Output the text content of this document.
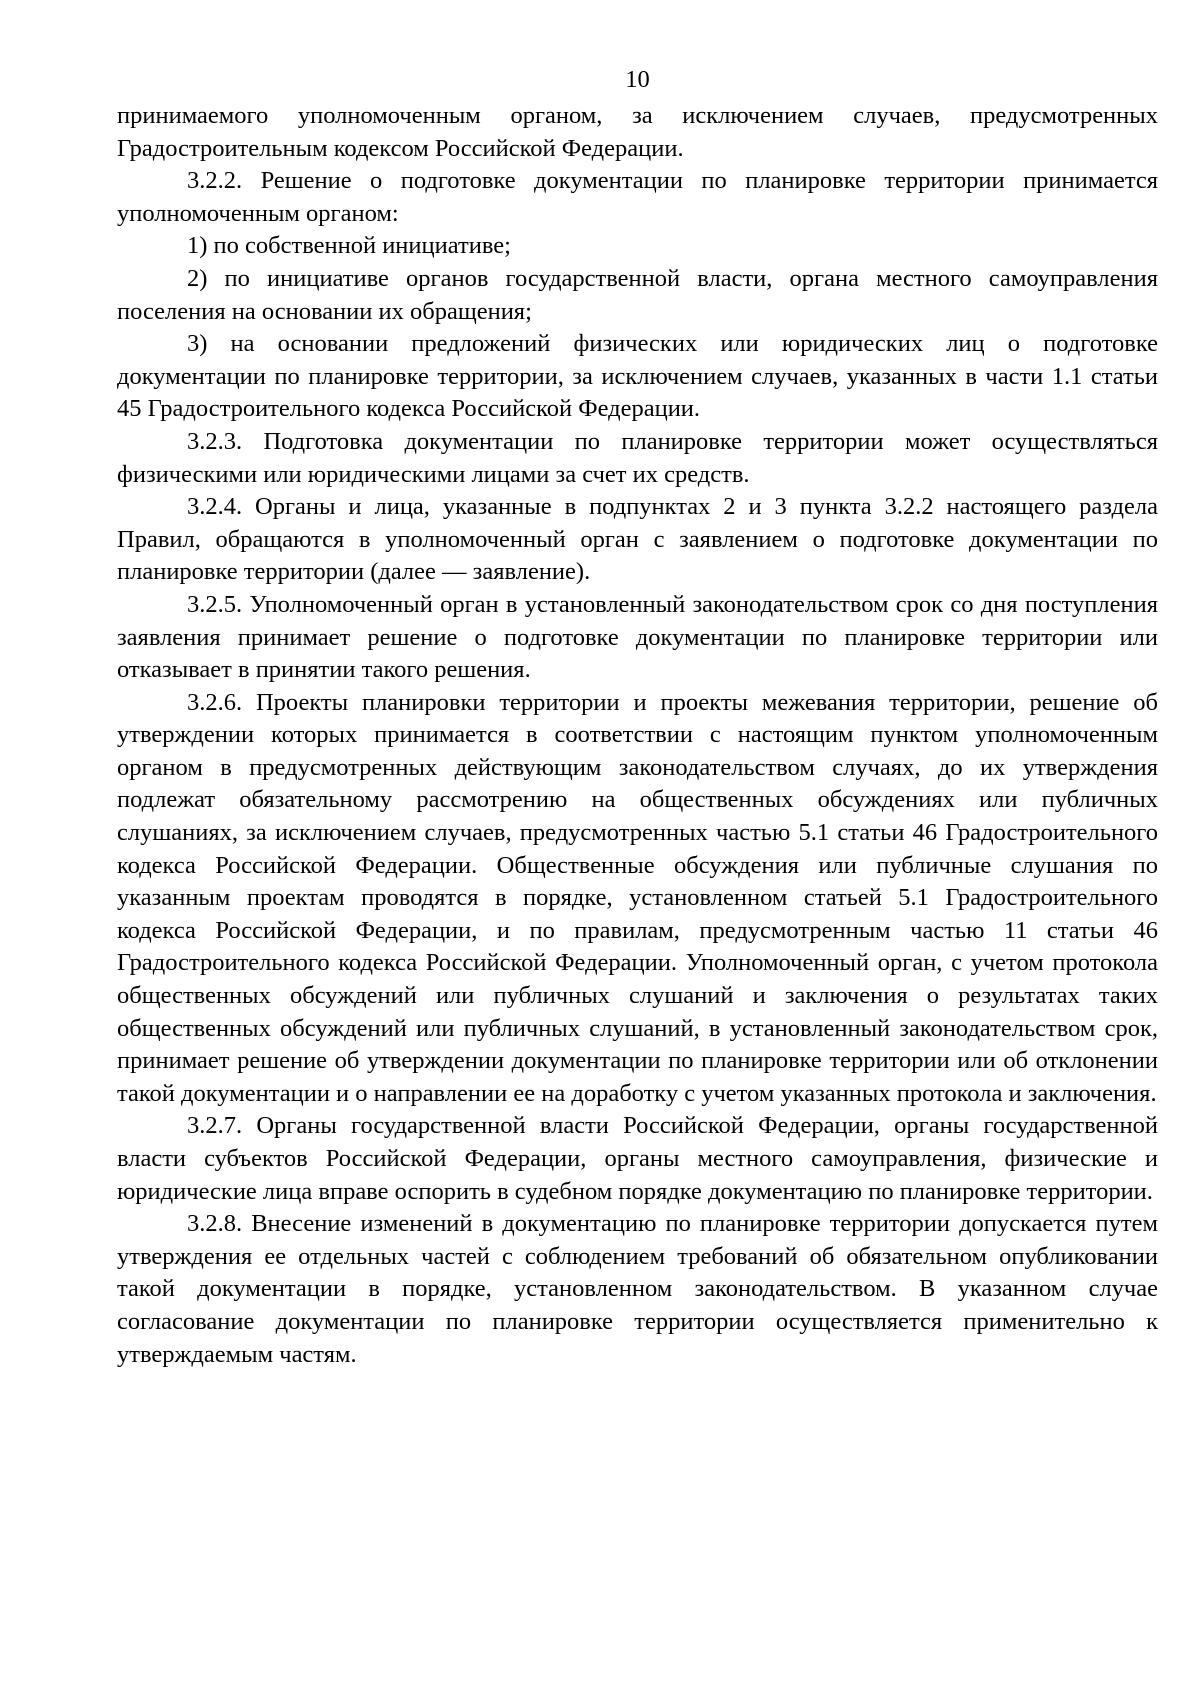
10

принимаемого уполномоченным органом, за исключением случаев, предусмотренных Градостроительным кодексом Российской Федерации.

3.2.2. Решение о подготовке документации по планировке территории принимается уполномоченным органом:

1) по собственной инициативе;

2) по инициативе органов государственной власти, органа местного самоуправления поселения на основании их обращения;

3) на основании предложений физических или юридических лиц о подготовке документации по планировке территории, за исключением случаев, указанных в части 1.1 статьи 45 Градостроительного кодекса Российской Федерации.

3.2.3. Подготовка документации по планировке территории может осуществляться физическими или юридическими лицами за счет их средств.

3.2.4. Органы и лица, указанные в подпунктах 2 и 3 пункта 3.2.2 настоящего раздела Правил, обращаются в уполномоченный орган с заявлением о подготовке документации по планировке территории (далее — заявление).

3.2.5. Уполномоченный орган в установленный законодательством срок со дня поступления заявления принимает решение о подготовке документации по планировке территории или отказывает в принятии такого решения.

3.2.6. Проекты планировки территории и проекты межевания территории, решение об утверждении которых принимается в соответствии с настоящим пунктом уполномоченным органом в предусмотренных действующим законодательством случаях, до их утверждения подлежат обязательному рассмотрению на общественных обсуждениях или публичных слушаниях, за исключением случаев, предусмотренных частью 5.1 статьи 46 Градостроительного кодекса Российской Федерации. Общественные обсуждения или публичные слушания по указанным проектам проводятся в порядке, установленном статьей 5.1 Градостроительного кодекса Российской Федерации, и по правилам, предусмотренным частью 11 статьи 46 Градостроительного кодекса Российской Федерации. Уполномоченный орган, с учетом протокола общественных обсуждений или публичных слушаний и заключения о результатах таких общественных обсуждений или публичных слушаний, в установленный законодательством срок, принимает решение об утверждении документации по планировке территории или об отклонении такой документации и о направлении ее на доработку с учетом указанных протокола и заключения.

3.2.7. Органы государственной власти Российской Федерации, органы государственной власти субъектов Российской Федерации, органы местного самоуправления, физические и юридические лица вправе оспорить в судебном порядке документацию по планировке территории.

3.2.8. Внесение изменений в документацию по планировке территории допускается путем утверждения ее отдельных частей с соблюдением требований об обязательном опубликовании такой документации в порядке, установленном законодательством. В указанном случае согласование документации по планировке территории осуществляется применительно к утверждаемым частям.
